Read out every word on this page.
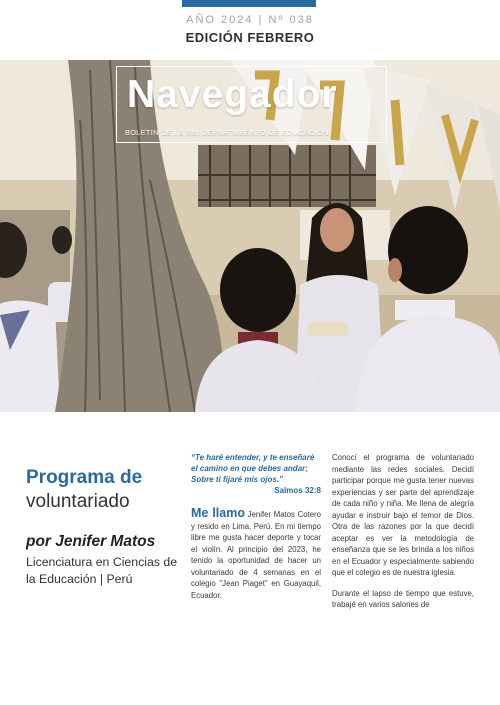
AÑO 2024 | Nº 038
EDICIÓN FEBRERO
Navegador
BOLETIN DE LA SMI DEPARTAMENTO DE EDUCACIÓN
Programa de
voluntariado
por Jenifer Matos
Licenciatura en Ciencias de la Educación | Perú
“Te haré entender, y te enseñaré el camino en que debes andar; Sobre ti fijaré mis ojos.”
Salmos 32:8
Me llamo Jenifer Matos Cotero y resido en Lima, Perú. En mi tiempo libre me gusta hacer deporte y tocar el violín. Al principio del 2023, he tenido la oportunidad de hacer un voluntariado de 4 semanas en el colegio "Jean Piaget" en Guayaquil, Ecuador.

Conocí el programa de voluntariado mediante las redes sociales. Decidí participar porque me gusta tener nuevas experiencias y ser parte del aprendizaje de cada niño y niña. Me llena de alegría ayudar e instruir bajo el temor de Dios. Otra de las razones por la que decidí aceptar es ver la metodología de enseñanza que se les brinda a los niños en el Ecuador y especialmente sabiendo que el colegio es de nuestra iglesia.

Durante el lapso de tiempo que estuve, trabajé en varios salones de
